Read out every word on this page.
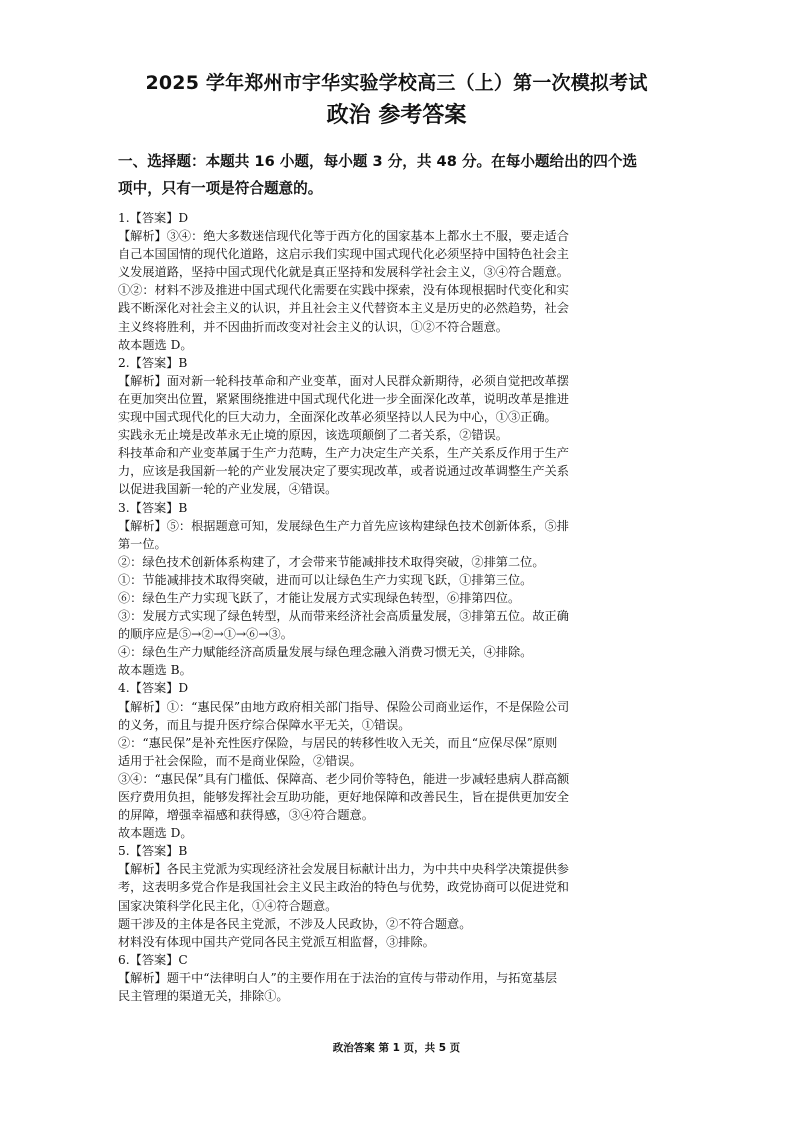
2025 学年郑州市宇华实验学校高三（上）第一次模拟考试
政治 参考答案
一、选择题：本题共 16 小题，每小题 3 分，共 48 分。在每小题给出的四个选
项中，只有一项是符合题意的。
1.【答案】D
【解析】③④：绝大多数迷信现代化等于西方化的国家基本上都水土不服，要走适合
自己本国国情的现代化道路，这启示我们实现中国式现代化必须坚持中国特色社会主
义发展道路，坚持中国式现代化就是真正坚持和发展科学社会主义，③④符合题意。
①②：材料不涉及推进中国式现代化需要在实践中探索，没有体现根据时代变化和实
践不断深化对社会主义的认识，并且社会主义代替资本主义是历史的必然趋势，社会
主义终将胜利，并不因曲折而改变对社会主义的认识，①②不符合题意。
故本题选 D。
2.【答案】B
【解析】面对新一轮科技革命和产业变革，面对人民群众新期待，必须自觉把改革摆
在更加突出位置，紧紧围绕推进中国式现代化进一步全面深化改革，说明改革是推进
实现中国式现代化的巨大动力，全面深化改革必须坚持以人民为中心，①③正确。
实践永无止境是改革永无止境的原因，该选项颠倒了二者关系，②错误。
科技革命和产业变革属于生产力范畴，生产力决定生产关系，生产关系反作用于生产
力，应该是我国新一轮的产业发展决定了要实现改革，或者说通过改革调整生产关系
以促进我国新一轮的产业发展，④错误。
3.【答案】B
【解析】⑤：根据题意可知，发展绿色生产力首先应该构建绿色技术创新体系，⑤排
第一位。
②：绿色技术创新体系构建了，才会带来节能减排技术取得突破，②排第二位。
①：节能减排技术取得突破，进而可以让绿色生产力实现飞跃，①排第三位。
⑥：绿色生产力实现飞跃了，才能让发展方式实现绿色转型，⑥排第四位。
③：发展方式实现了绿色转型，从而带来经济社会高质量发展，③排第五位。故正确
的顺序应是⑤→②→①→⑥→③。
④：绿色生产力赋能经济高质量发展与绿色理念融入消费习惯无关，④排除。
故本题选 B。
4.【答案】D
【解析】①：“惠民保”由地方政府相关部门指导、保险公司商业运作，不是保险公司
的义务，而且与提升医疗综合保障水平无关，①错误。
②：“惠民保”是补充性医疗保险，与居民的转移性收入无关，而且“应保尽保”原则
适用于社会保险，而不是商业保险，②错误。
③④：“惠民保”具有门槛低、保障高、老少同价等特色，能进一步减轻患病人群高额
医疗费用负担，能够发挥社会互助功能，更好地保障和改善民生，旨在提供更加安全
的屏障，增强幸福感和获得感，③④符合题意。
故本题选 D。
5.【答案】B
【解析】各民主党派为实现经济社会发展目标献计出力，为中共中央科学决策提供参
考，这表明多党合作是我国社会主义民主政治的特色与优势，政党协商可以促进党和
国家决策科学化民主化，①④符合题意。
题干涉及的主体是各民主党派，不涉及人民政协，②不符合题意。
材料没有体现中国共产党同各民主党派互相监督，③排除。
6.【答案】C
【解析】题干中“法律明白人”的主要作用在于法治的宣传与带动作用，与拓宽基层
民主管理的渠道无关，排除①。
政治答案 第 1 页，共 5 页
